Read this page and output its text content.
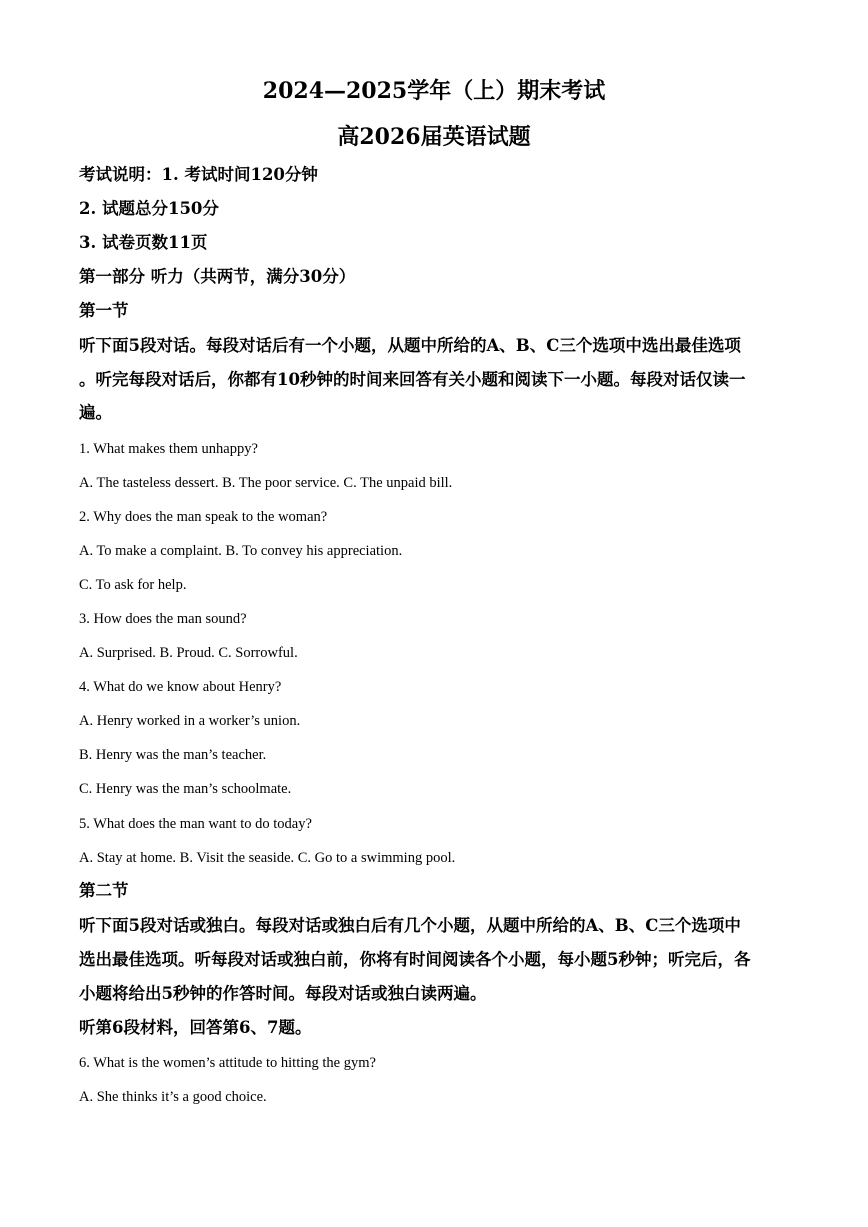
2024—2025学年（上）期末考试
高2026届英语试题
考试说明：1. 考试时间120分钟
2. 试题总分150分
3. 试卷页数11页
第一部分 听力（共两节，满分30分）
第一节
听下面5段对话。每段对话后有一个小题，从题中所给的A、B、C三个选项中选出最佳选项
。听完每段对话后，你都有10秒钟的时间来回答有关小题和阅读下一小题。每段对话仅读一
遍。
1. What makes them unhappy?
A. The tasteless dessert. B. The poor service. C. The unpaid bill.
2. Why does the man speak to the woman?
A. To make a complaint. B. To convey his appreciation.
C. To ask for help.
3. How does the man sound?
A. Surprised. B. Proud. C. Sorrowful.
4. What do we know about Henry?
A. Henry worked in a worker’s union.
B. Henry was the man’s teacher.
C. Henry was the man’s schoolmate.
5. What does the man want to do today?
A. Stay at home. B. Visit the seaside. C. Go to a swimming pool.
第二节
听下面5段对话或独白。每段对话或独白后有几个小题，从题中所给的A、B、C三个选项中
选出最佳选项。听每段对话或独白前，你将有时间阅读各个小题，每小题5秒钟；听完后，各
小题将给出5秒钟的作答时间。每段对话或独白读两遍。
听第6段材料，回答第6、7题。
6. What is the women’s attitude to hitting the gym?
A. She thinks it’s a good choice.
